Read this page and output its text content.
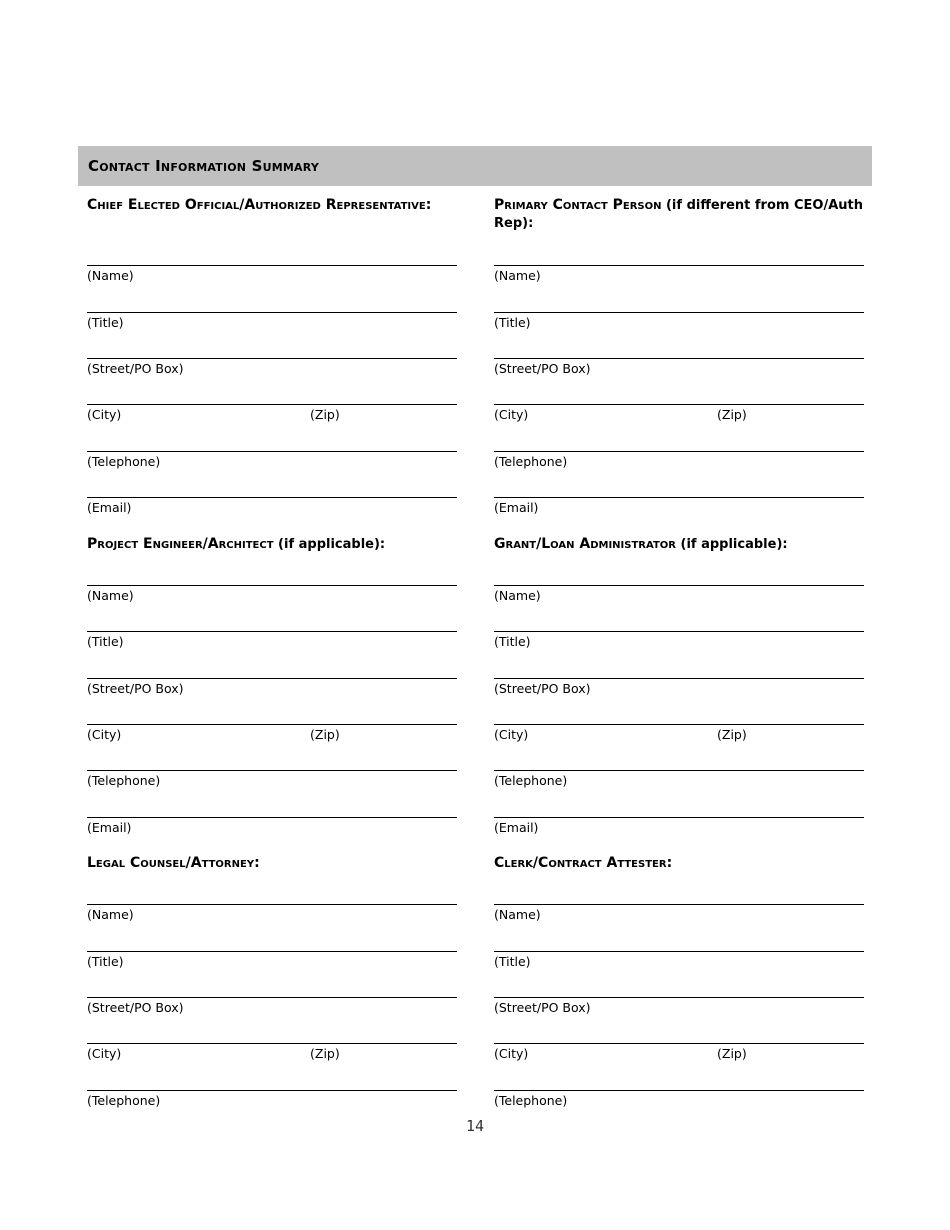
Contact Information Summary
Chief Elected Official/Authorized Representative:
(Name)
(Title)
(Street/PO Box)
(City)	(Zip)
(Telephone)
(Email)
Project Engineer/Architect (if applicable):
(Name)
(Title)
(Street/PO Box)
(City)	(Zip)
(Telephone)
(Email)
Legal Counsel/Attorney:
(Name)
(Title)
(Street/PO Box)
(City)	(Zip)
(Telephone)
Primary Contact Person (if different from CEO/Auth Rep):
(Name)
(Title)
(Street/PO Box)
(City)	(Zip)
(Telephone)
(Email)
Grant/Loan Administrator (if applicable):
(Name)
(Title)
(Street/PO Box)
(City)	(Zip)
(Telephone)
(Email)
Clerk/Contract Attester:
(Name)
(Title)
(Street/PO Box)
(City)	(Zip)
(Telephone)
14
